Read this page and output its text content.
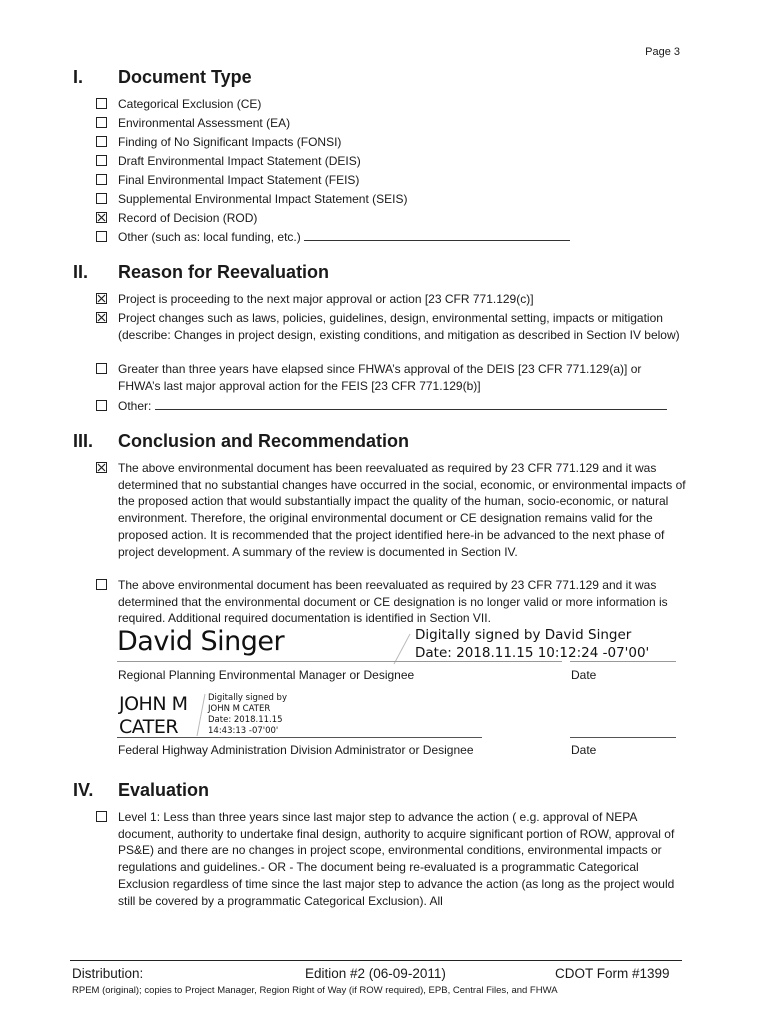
Page 3
I. Document Type
Categorical Exclusion (CE)
Environmental Assessment (EA)
Finding of No Significant Impacts (FONSI)
Draft Environmental Impact Statement (DEIS)
Final Environmental Impact Statement (FEIS)
Supplemental Environmental Impact Statement (SEIS)
Record of Decision (ROD)
Other (such as: local funding, etc.)
II. Reason for Reevaluation
Project is proceeding to the next major approval or action [23 CFR 771.129(c)]
Project changes such as laws, policies, guidelines, design, environmental setting, impacts or mitigation (describe: Changes in project design, existing conditions, and mitigation as described in Section IV below)
Greater than three years have elapsed since FHWA’s approval of the DEIS [23 CFR 771.129(a)] or FHWA’s last major approval action for the FEIS [23 CFR 771.129(b)]
Other:
III. Conclusion and Recommendation
The above environmental document has been reevaluated as required by 23 CFR 771.129 and it was determined that no substantial changes have occurred in the social, economic, or environmental impacts of the proposed action that would substantially impact the quality of the human, socio-economic, or natural environment. Therefore, the original environmental document or CE designation remains valid for the proposed action. It is recommended that the project identified here-in be advanced to the next phase of project development. A summary of the review is documented in Section IV.
The above environmental document has been reevaluated as required by 23 CFR 771.129 and it was determined that the environmental document or CE designation is no longer valid or more information is required. Additional required documentation is identified in Section VII.
David Singer	Digitally signed by David Singer
Date: 2018.11.15 10:12:24 -07'00'
Regional Planning Environmental Manager or Designee	Date
JOHN M
CATER
Digitally signed by
JOHN M CATER
Date: 2018.11.15
14:43:13 -07'00'
Federal Highway Administration Division Administrator or Designee	Date
IV. Evaluation
Level 1: Less than three years since last major step to advance the action ( e.g. approval of NEPA document, authority to undertake final design, authority to acquire significant portion of ROW, approval of PS&E) and there are no changes in project scope, environmental conditions, environmental impacts or regulations and guidelines.- OR - The document being re-evaluated is a programmatic Categorical Exclusion regardless of time since the last major step to advance the action (as long as the project would still be covered by a programmatic Categorical Exclusion). All
Distribution:	Edition #2 (06-09-2011)	CDOT Form #1399
RPEM (original); copies to Project Manager, Region Right of Way (if ROW required), EPB, Central Files, and FHWA
